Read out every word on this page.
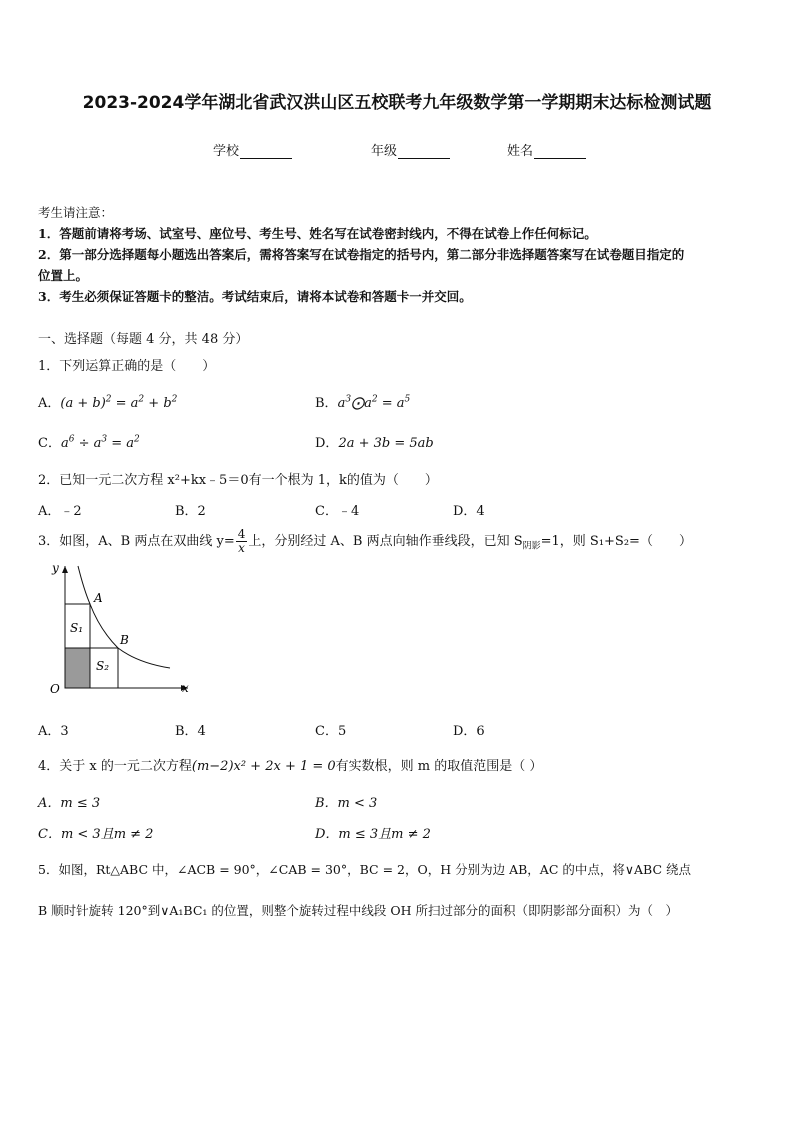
2023-2024学年湖北省武汉洪山区五校联考九年级数学第一学期期末达标检测试题
学校	年级	姓名
考生请注意：
1．答题前请将考场、试室号、座位号、考生号、姓名写在试卷密封线内，不得在试卷上作任何标记。
2．第一部分选择题每小题选出答案后，需将答案写在试卷指定的括号内，第二部分非选择题答案写在试卷题目指定的
位置上。
3．考生必须保证答题卡的整洁。考试结束后，请将本试卷和答题卡一并交回。
一、选择题（每题 4 分，共 48 分）
1．下列运算正确的是（　　）
A．$(a + b)^2 = a^2 + b^2$	B．$a^3⨀a^2 = a^5$
C．$a^6 \div a^3 = a^2$	D．2a + 3b = 5ab
2．已知一元二次方程 x²+kx﹣5＝0有一个根为 1，k的值为（　　）
A．﹣2	B．2	C．﹣4	D．4
3．如图，A、B 两点在双曲线 $y= \frac{4}{x}$ 上，分别经过 A、B 两点向轴作垂线段，已知 $S_{阴影}=1$，则 S₁+S₂=（　　）
y
x
O
A
B
S₁
S₂
A．3	B．4	C．5	D．6
4．关于 x 的一元二次方程(m−2)x² + 2x + 1 = 0有实数根，则 m 的取值范围是（ ）
A．m ≤ 3	B．m < 3
C．m < 3且m ≠ 2	D．m ≤ 3且m ≠ 2
5．如图，Rt△ABC 中，∠ACB = 90°，∠CAB = 30°，BC = 2，O，H 分别为边 AB，AC 的中点，将∨ABC 绕点
B 顺时针旋转 120°到∨A₁BC₁ 的位置，则整个旋转过程中线段 OH 所扫过部分的面积（即阴影部分面积）为（　）
